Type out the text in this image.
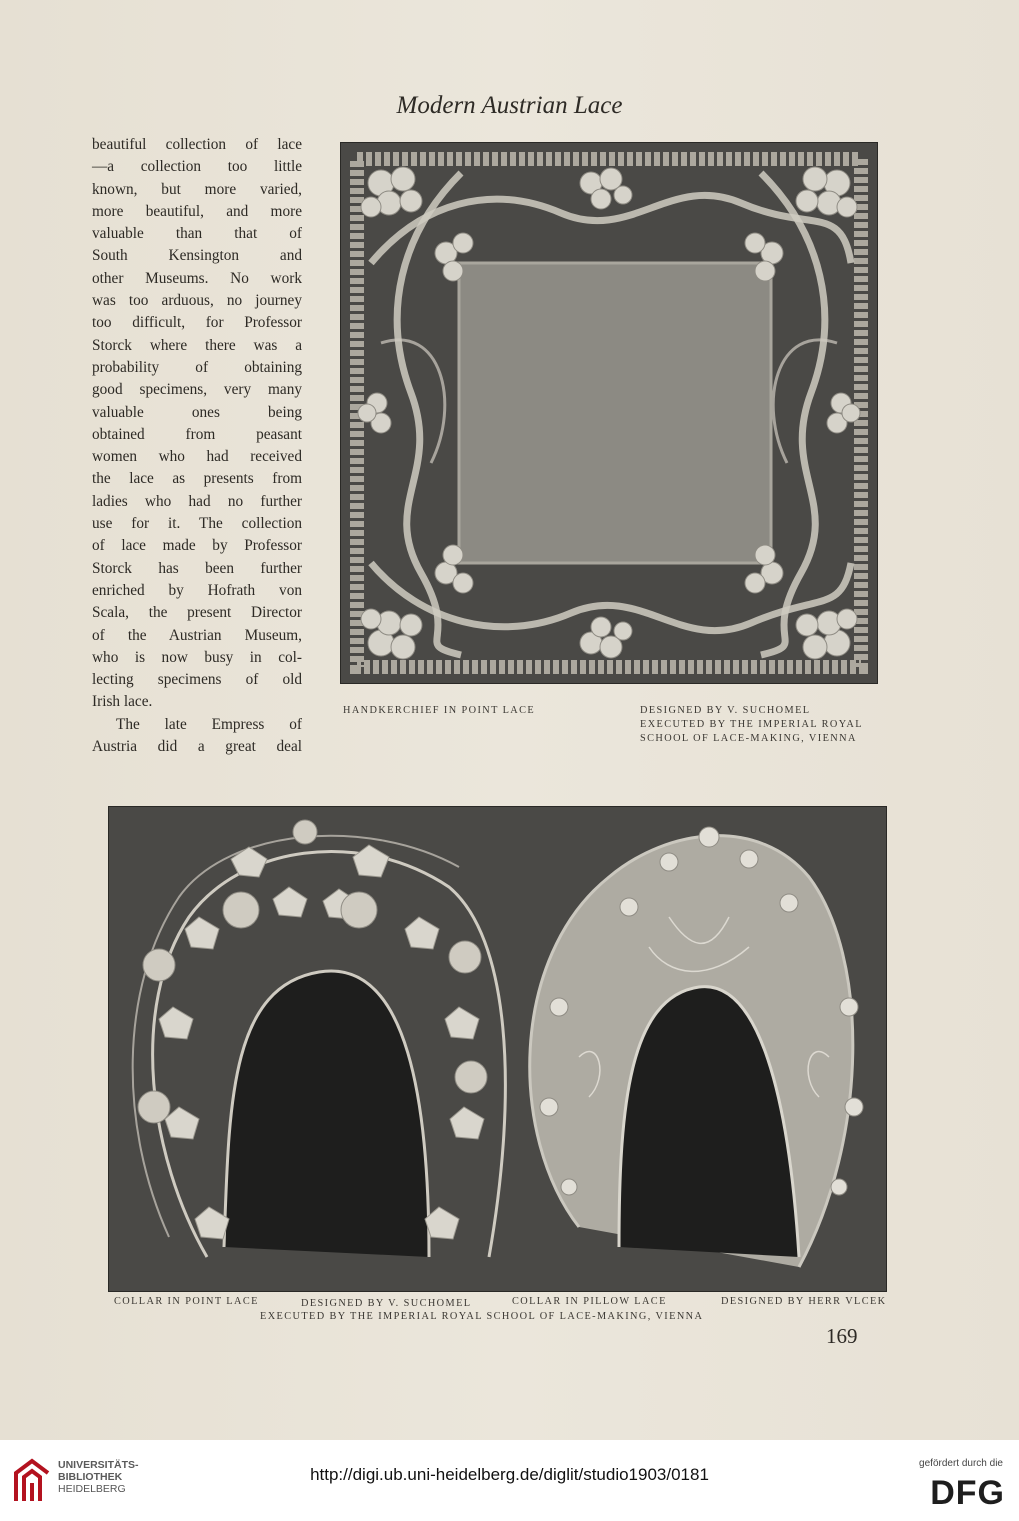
Modern Austrian Lace
beautiful collection of lace
—a collection too little
known, but more varied,
more beautiful, and more
valuable than that of
South Kensington and
other Museums. No work
was too arduous, no journey
too difficult, for Professor
Storck where there was a
probability of obtaining
good specimens, very many
valuable ones being
obtained from peasant
women who had received
the lace as presents from
ladies who had no further
use for it. The collection
of lace made by Professor
Storck has been further
enriched by Hofrath von
Scala, the present Director
of the Austrian Museum,
who is now busy in col-
lecting specimens of old
Irish lace.
The late Empress of
Austria did a great deal
HANDKERCHIEF IN POINT LACE	DESIGNED BY V. SUCHOMEL
EXECUTED BY THE IMPERIAL ROYAL
SCHOOL OF LACE-MAKING, VIENNA
COLLAR IN POINT LACE	DESIGNED BY V. SUCHOMEL	COLLAR IN PILLOW LACE	DESIGNED BY HERR VLCEK
EXECUTED BY THE IMPERIAL ROYAL SCHOOL OF LACE-MAKING, VIENNA
169
UNIVERSITÄTS-
BIBLIOTHEK
HEIDELBERG
http://digi.ub.uni-heidelberg.de/diglit/studio1903/0181
gefördert durch die
DFG
